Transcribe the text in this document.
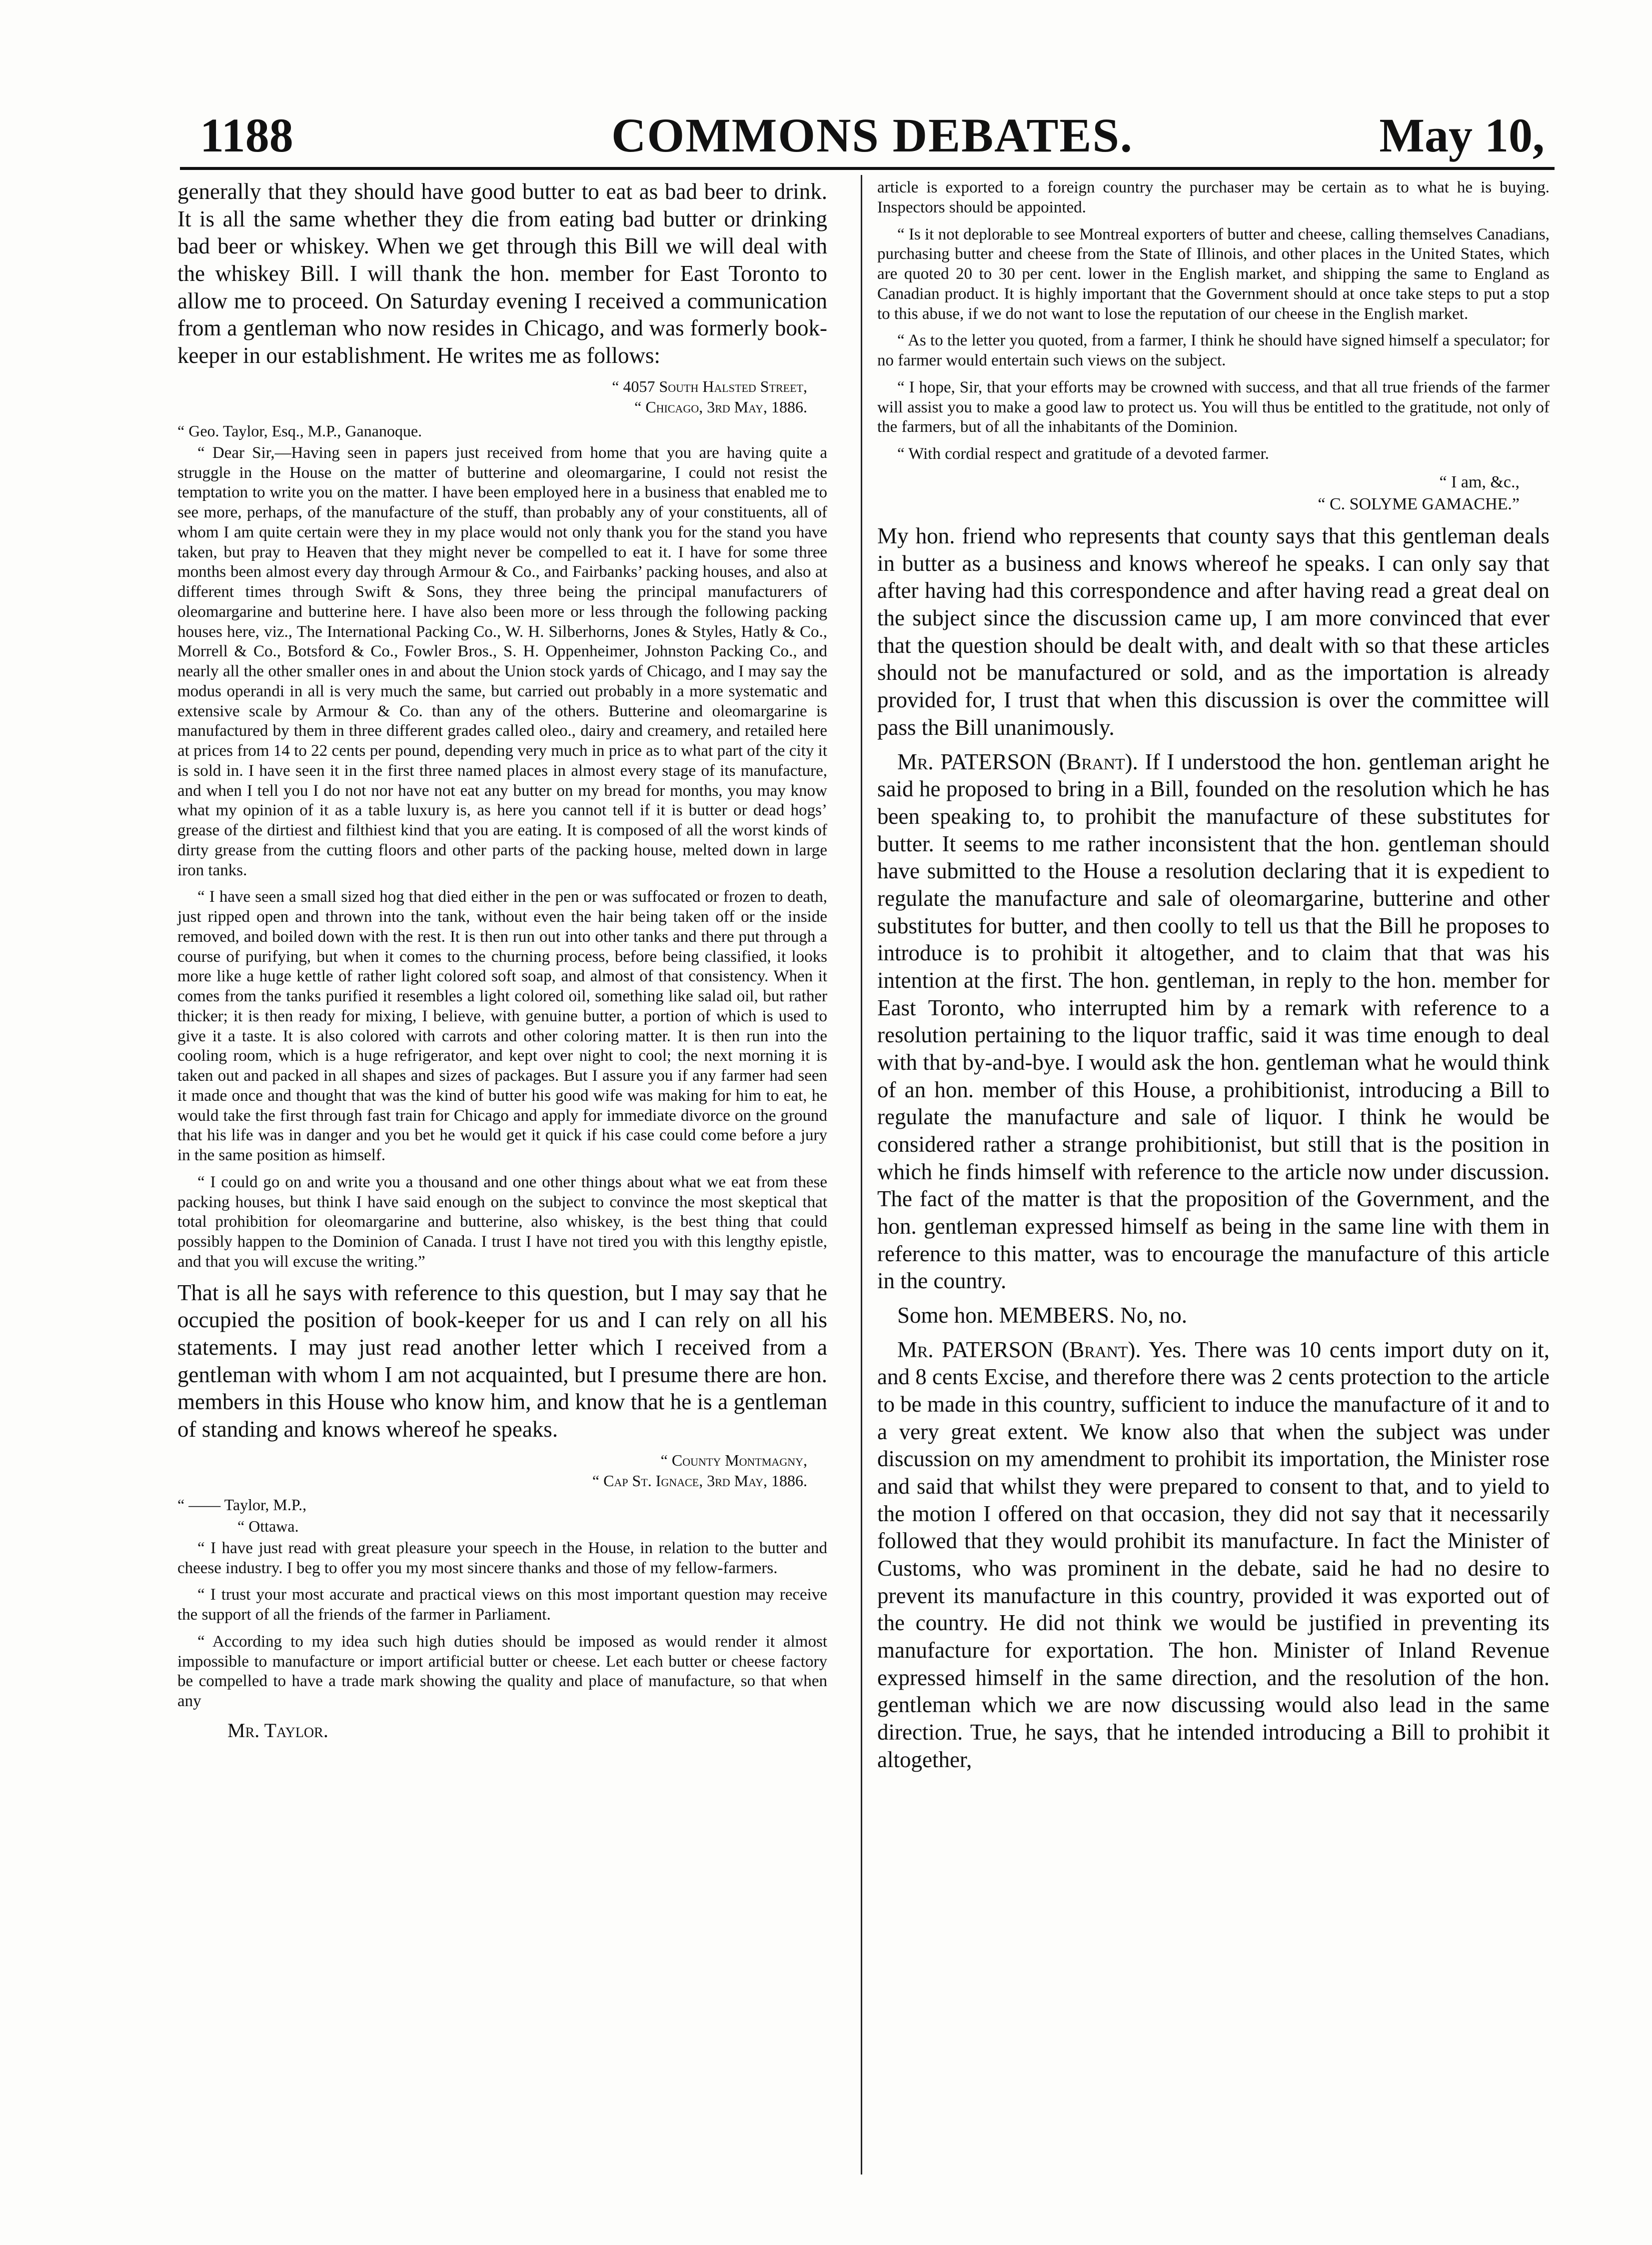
1188	COMMONS DEBATES.	May 10,

generally that they should have good butter to eat as bad beer to drink. It is all the same whether they die from eating bad butter or drinking bad beer or whiskey. When we get through this Bill we will deal with the whiskey Bill. I will thank the hon. member for East Toronto to allow me to proceed. On Saturday evening I received a communication from a gentleman who now resides in Chicago, and was formerly book-keeper in our establishment. He writes me as follows:

“ 4057 South Halsted Street,
“ Chicago, 3rd May, 1886.
“ Geo. Taylor, Esq., M.P., Gananoque.

“ Dear Sir,—Having seen in papers just received from home that you are having quite a struggle in the House on the matter of butterine and oleomargarine, I could not resist the temptation to write you on the matter. I have been employed here in a business that enabled me to see more, perhaps, of the manufacture of the stuff, than probably any of your constituents, all of whom I am quite certain were they in my place would not only thank you for the stand you have taken, but pray to Heaven that they might never be compelled to eat it. I have for some three months been almost every day through Armour & Co., and Fairbanks’ packing houses, and also at different times through Swift & Sons, they three being the principal manufacturers of oleomargarine and butterine here. I have also been more or less through the following packing houses here, viz., The International Packing Co., W. H. Silberhorns, Jones & Styles, Hatly & Co., Morrell & Co., Botsford & Co., Fowler Bros., S. H. Oppenheimer, Johnston Packing Co., and nearly all the other smaller ones in and about the Union stock yards of Chicago, and I may say the modus operandi in all is very much the same, but carried out probably in a more systematic and extensive scale by Armour & Co. than any of the others. Butterine and oleomargarine is manufactured by them in three different grades called oleo., dairy and creamery, and retailed here at prices from 14 to 22 cents per pound, depending very much in price as to what part of the city it is sold in. I have seen it in the first three named places in almost every stage of its manufacture, and when I tell you I do not nor have not eat any butter on my bread for months, you may know what my opinion of it as a table luxury is, as here you cannot tell if it is butter or dead hogs’ grease of the dirtiest and filthiest kind that you are eating. It is composed of all the worst kinds of dirty grease from the cutting floors and other parts of the packing house, melted down in large iron tanks.

“ I have seen a small sized hog that died either in the pen or was suffocated or frozen to death, just ripped open and thrown into the tank, without even the hair being taken off or the inside removed, and boiled down with the rest. It is then run out into other tanks and there put through a course of purifying, but when it comes to the churning process, before being classified, it looks more like a huge kettle of rather light colored soft soap, and almost of that consistency. When it comes from the tanks purified it resembles a light colored oil, something like salad oil, but rather thicker; it is then ready for mixing, I believe, with genuine butter, a portion of which is used to give it a taste. It is also colored with carrots and other coloring matter. It is then run into the cooling room, which is a huge refrigerator, and kept over night to cool; the next morning it is taken out and packed in all shapes and sizes of packages. But I assure you if any farmer had seen it made once and thought that was the kind of butter his good wife was making for him to eat, he would take the first through fast train for Chicago and apply for immediate divorce on the ground that his life was in danger and you bet he would get it quick if his case could come before a jury in the same position as himself.

“ I could go on and write you a thousand and one other things about what we eat from these packing houses, but think I have said enough on the subject to convince the most skeptical that total prohibition for oleomargarine and butterine, also whiskey, is the best thing that could possibly happen to the Dominion of Canada. I trust I have not tired you with this lengthy epistle, and that you will excuse the writing.”

That is all he says with reference to this question, but I may say that he occupied the position of book-keeper for us and I can rely on all his statements. I may just read another letter which I received from a gentleman with whom I am not acquainted, but I presume there are hon. members in this House who know him, and know that he is a gentleman of standing and knows whereof he speaks.

“ County Montmagny,
“ Cap St. Ignace, 3rd May, 1886.
“ —— Taylor, M.P.,
“ Ottawa.

“ I have just read with great pleasure your speech in the House, in relation to the butter and cheese industry. I beg to offer you my most sincere thanks and those of my fellow-farmers.

“ I trust your most accurate and practical views on this most important question may receive the support of all the friends of the farmer in Parliament.

“ According to my idea such high duties should be imposed as would render it almost impossible to manufacture or import artificial butter or cheese. Let each butter or cheese factory be compelled to have a trade mark showing the quality and place of manufacture, so that when any

Mr. Taylor.

article is exported to a foreign country the purchaser may be certain as to what he is buying. Inspectors should be appointed.

“ Is it not deplorable to see Montreal exporters of butter and cheese, calling themselves Canadians, purchasing butter and cheese from the State of Illinois, and other places in the United States, which are quoted 20 to 30 per cent. lower in the English market, and shipping the same to England as Canadian product. It is highly important that the Government should at once take steps to put a stop to this abuse, if we do not want to lose the reputation of our cheese in the English market.

“ As to the letter you quoted, from a farmer, I think he should have signed himself a speculator; for no farmer would entertain such views on the subject.

“ I hope, Sir, that your efforts may be crowned with success, and that all true friends of the farmer will assist you to make a good law to protect us. You will thus be entitled to the gratitude, not only of the farmers, but of all the inhabitants of the Dominion.

“ With cordial respect and gratitude of a devoted farmer.

“ I am, &c.,
“ C. SOLYME GAMACHE.”

My hon. friend who represents that county says that this gentleman deals in butter as a business and knows whereof he speaks. I can only say that after having had this correspondence and after having read a great deal on the subject since the discussion came up, I am more convinced that ever that the question should be dealt with, and dealt with so that these articles should not be manufactured or sold, and as the importation is already provided for, I trust that when this discussion is over the committee will pass the Bill unanimously.

Mr. PATERSON (Brant). If I understood the hon. gentleman aright he said he proposed to bring in a Bill, founded on the resolution which he has been speaking to, to prohibit the manufacture of these substitutes for butter. It seems to me rather inconsistent that the hon. gentleman should have submitted to the House a resolution declaring that it is expedient to regulate the manufacture and sale of oleomargarine, butterine and other substitutes for butter, and then coolly to tell us that the Bill he proposes to introduce is to prohibit it altogether, and to claim that that was his intention at the first. The hon. gentleman, in reply to the hon. member for East Toronto, who interrupted him by a remark with reference to a resolution pertaining to the liquor traffic, said it was time enough to deal with that by-and-bye. I would ask the hon. gentleman what he would think of an hon. member of this House, a prohibitionist, introducing a Bill to regulate the manufacture and sale of liquor. I think he would be considered rather a strange prohibitionist, but still that is the position in which he finds himself with reference to the article now under discussion. The fact of the matter is that the proposition of the Government, and the hon. gentleman expressed himself as being in the same line with them in reference to this matter, was to encourage the manufacture of this article in the country.

Some hon. MEMBERS. No, no.

Mr. PATERSON (Brant). Yes. There was 10 cents import duty on it, and 8 cents Excise, and therefore there was 2 cents protection to the article to be made in this country, sufficient to induce the manufacture of it and to a very great extent. We know also that when the subject was under discussion on my amendment to prohibit its importation, the Minister rose and said that whilst they were prepared to consent to that, and to yield to the motion I offered on that occasion, they did not say that it necessarily followed that they would prohibit its manufacture. In fact the Minister of Customs, who was prominent in the debate, said he had no desire to prevent its manufacture in this country, provided it was exported out of the country. He did not think we would be justified in preventing its manufacture for exportation. The hon. Minister of Inland Revenue expressed himself in the same direction, and the resolution of the hon. gentleman which we are now discussing would also lead in the same direction. True, he says, that he intended introducing a Bill to prohibit it altogether,
